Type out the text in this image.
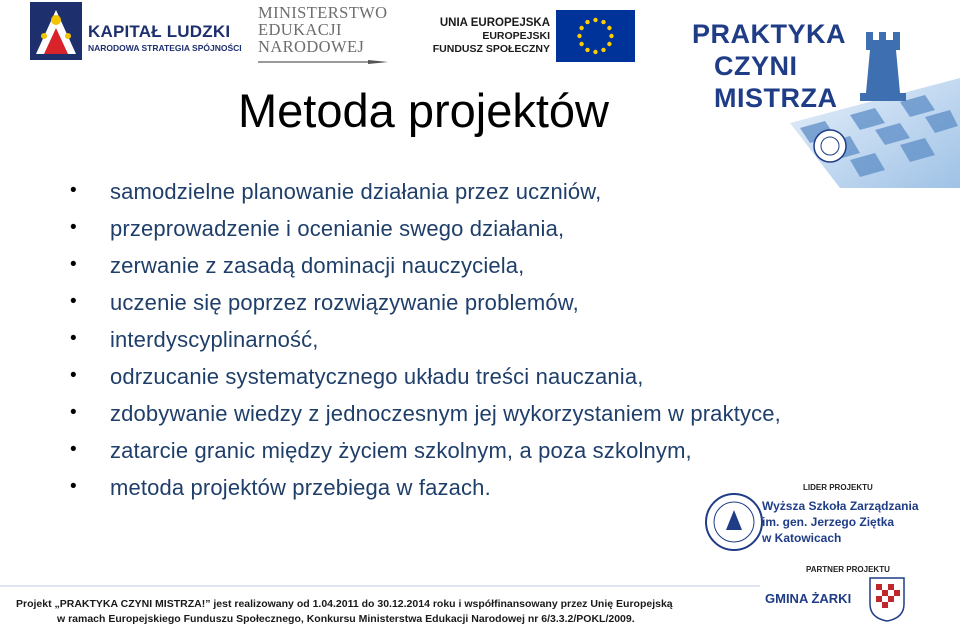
KAPITAŁ LUDZKI
NARODOWA STRATEGIA SPÓJNOŚCI
MINISTERSTWO
EDUKACJI
NARODOWEJ
UNIA EUROPEJSKA
EUROPEJSKI
FUNDUSZ SPOŁECZNY	PRAKTYKA
CZYNI
MISTRZA
Metoda projektów
• samodzielne planowanie działania przez uczniów,
• przeprowadzenie i ocenianie swego działania,
• zerwanie z zasadą dominacji nauczyciela,
• uczenie się poprzez rozwiązywanie problemów,
• interdyscyplinarność,
• odrzucanie systematycznego układu treści nauczania,
• zdobywanie wiedzy z jednoczesnym jej wykorzystaniem w praktyce,
• zatarcie granic między życiem szkolnym, a poza szkolnym,
• metoda projektów przebiega w fazach.	LIDER PROJEKTU
Wyższa Szkoła Zarządzania
im. gen. Jerzego Ziętka
w Katowicach
PARTNER PROJEKTU
GMINA ŻARKI
Projekt „PRAKTYKA CZYNI MISTRZA!” jest realizowany od 1.04.2011 do 30.12.2014 roku i współfinansowany przez Unię Europejską
w ramach Europejskiego Funduszu Społecznego, Konkursu Ministerstwa Edukacji Narodowej nr 6/3.3.2/POKL/2009.
